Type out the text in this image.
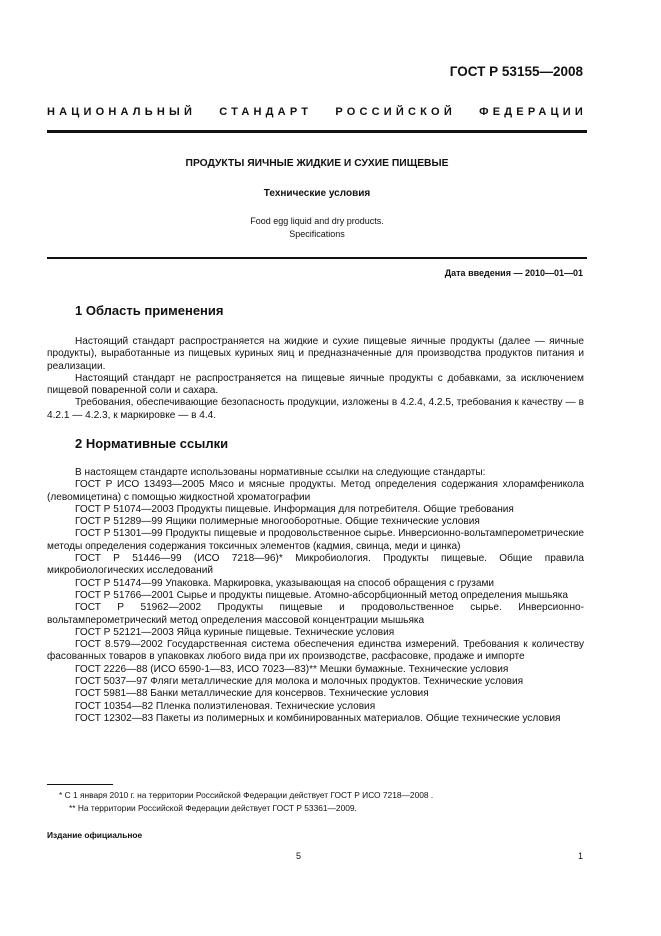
ГОСТ Р 53155—2008
НАЦИОНАЛЬНЫЙ СТАНДАРТ РОССИЙСКОЙ ФЕДЕРАЦИИ
ПРОДУКТЫ ЯИЧНЫЕ ЖИДКИЕ И СУХИЕ ПИЩЕВЫЕ
Технические условия
Food egg liquid and dry products.
Specifications
Дата введения — 2010—01—01
1 Область применения

Настоящий стандарт распространяется на жидкие и сухие пищевые яичные продукты (далее — яичные продукты), выработанные из пищевых куриных яиц и предназначенные для производства продуктов питания и реализации.

Настоящий стандарт не распространяется на пищевые яичные продукты с добавками, за исключением пищевой поваренной соли и сахара.

Требования, обеспечивающие безопасность продукции, изложены в 4.2.4, 4.2.5, требования к качеству — в 4.2.1 — 4.2.3, к маркировке — в 4.4.

2 Нормативные ссылки

В настоящем стандарте использованы нормативные ссылки на следующие стандарты:

ГОСТ Р ИСО 13493—2005 Мясо и мясные продукты. Метод определения содержания хлорамфеникола (левомицетина) с помощью жидкостной хроматографии

ГОСТ Р 51074—2003 Продукты пищевые. Информация для потребителя. Общие требования

ГОСТ Р 51289—99 Ящики полимерные многооборотные. Общие технические условия

ГОСТ Р 51301—99 Продукты пищевые и продовольственное сырье. Инверсионно-вольтамперометрические методы определения содержания токсичных элементов (кадмия, свинца, меди и цинка)

ГОСТ Р 51446—99 (ИСО 7218—96)* Микробиология. Продукты пищевые. Общие правила микробиологических исследований

ГОСТ Р 51474—99 Упаковка. Маркировка, указывающая на способ обращения с грузами

ГОСТ Р 51766—2001 Сырье и продукты пищевые. Атомно-абсорбционный метод определения мышьяка

ГОСТ Р 51962—2002 Продукты пищевые и продовольственное сырье. Инверсионно-вольтамперометрический метод определения массовой концентрации мышьяка

ГОСТ Р 52121—2003 Яйца куриные пищевые. Технические условия

ГОСТ 8.579—2002 Государственная система обеспечения единства измерений. Требования к количеству фасованных товаров в упаковках любого вида при их производстве, расфасовке, продаже и импорте

ГОСТ 2226—88 (ИСО 6590-1—83, ИСО 7023—83)** Мешки бумажные. Технические условия

ГОСТ 5037—97 Фляги металлические для молока и молочных продуктов. Технические условия

ГОСТ 5981—88 Банки металлические для консервов. Технические условия

ГОСТ 10354—82 Пленка полиэтиленовая. Технические условия

ГОСТ 12302—83 Пакеты из полимерных и комбинированных материалов. Общие технические условия

* С 1 января 2010 г. на территории Российской Федерации действует ГОСТ Р ИСО 7218—2008 .

** На территории Российской Федерации действует ГОСТ Р 53361—2009.

Издание официальное
5	1
